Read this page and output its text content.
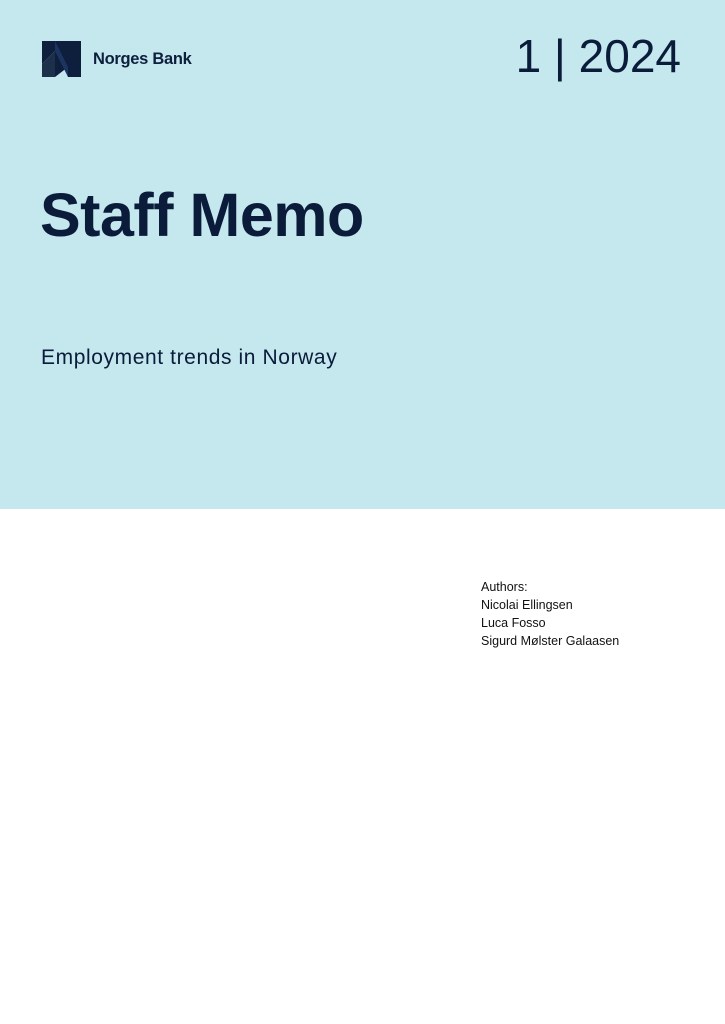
Norges Bank	1 | 2024
Staff Memo
Employment trends in Norway
Authors:
Nicolai Ellingsen
Luca Fosso
Sigurd Mølster Galaasen
